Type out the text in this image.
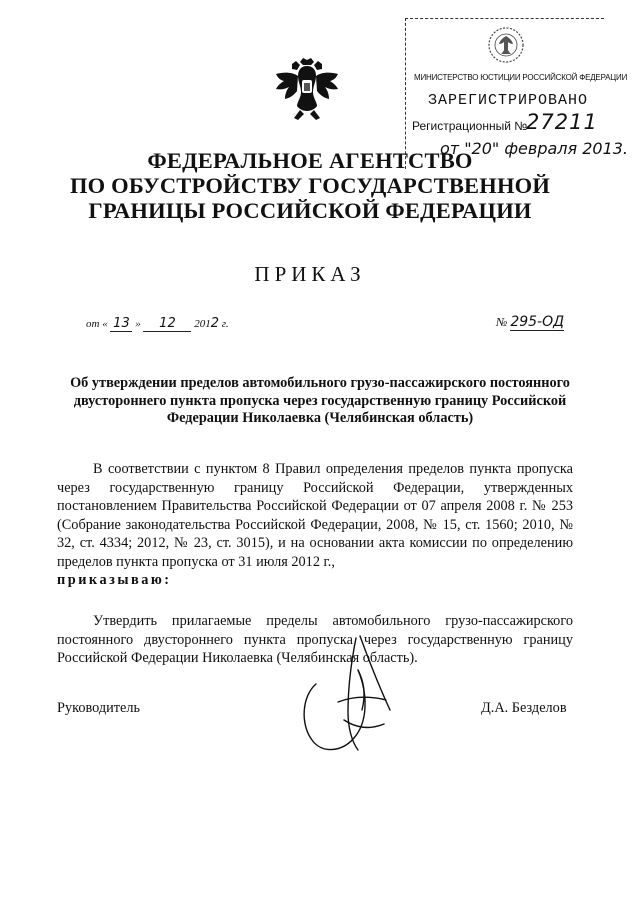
МИНИСТЕРСТВО ЮСТИЦИИ РОССИЙСКОЙ ФЕДЕРАЦИИ
ЗАРЕГИСТРИРОВАНО
Регистрационный №
27211
от "20" февраля 2013.
ФЕДЕРАЛЬНОЕ АГЕНТСТВО
ПО ОБУСТРОЙСТВУ ГОСУДАРСТВЕННОЙ
ГРАНИЦЫ РОССИЙСКОЙ ФЕДЕРАЦИИ
ПРИКАЗ
от « 13 » 12 2012 г.	№ 295-ОД
Об утверждении пределов автомобильного грузо-пассажирского постоянного двустороннего пункта пропуска через государственную границу Российской Федерации Николаевка (Челябинская область)
В соответствии с пунктом 8 Правил определения пределов пункта пропуска через государственную границу Российской Федерации, утвержденных постановлением Правительства Российской Федерации от 07 апреля 2008 г. № 253 (Собрание законодательства Российской Федерации, 2008, № 15, ст. 1560; 2010, № 32, ст. 4334; 2012, № 23, ст. 3015), и на основании акта комиссии по определению пределов пункта пропуска от 31 июля 2012 г.,
приказываю:
Утвердить прилагаемые пределы автомобильного грузо-пассажирского постоянного двустороннего пункта пропуска через государственную границу Российской Федерации Николаевка (Челябинская область).
Руководитель	Д.А. Безделов
